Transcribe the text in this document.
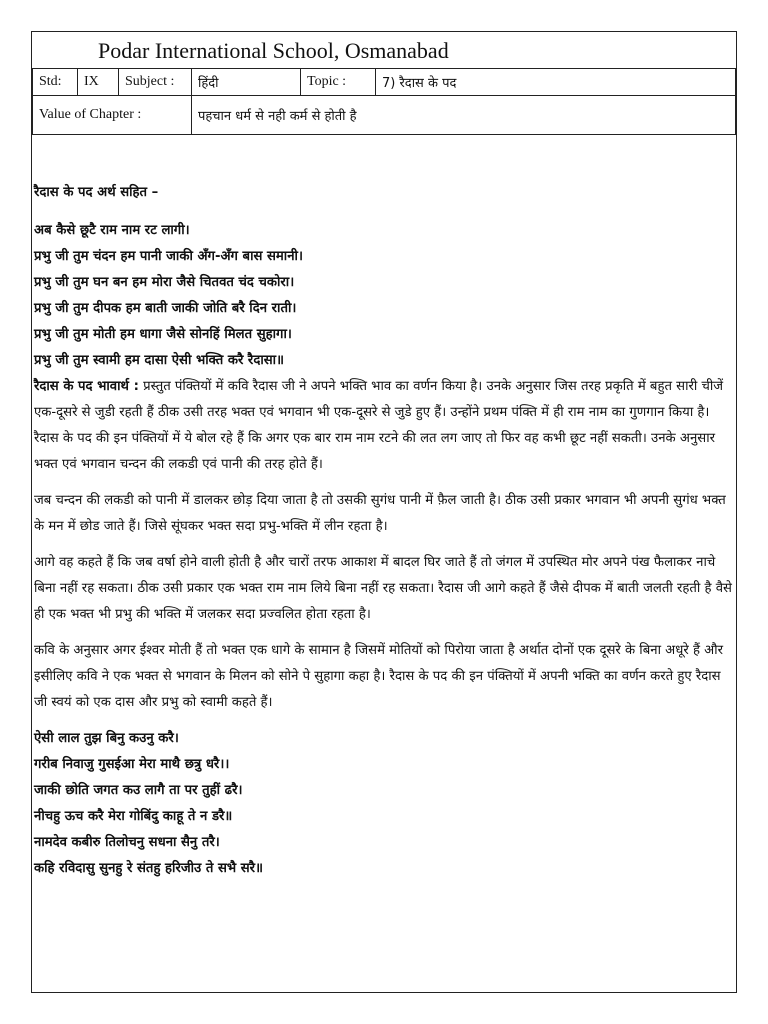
Podar International School, Osmanabad
Std:	IX	Subject :	हिंदी	Topic :	7) रैदास के पद
Value of Chapter :			पहचान धर्म से नही कर्म से होती है		

रैदास के पद अर्थ सहित –

अब कैसे छूटै राम नाम रट लागी।

प्रभु जी तुम चंदन हम पानी जाकी अँग-अँग बास समानी।

प्रभु जी तुम घन बन हम मोरा जैसे चितवत चंद चकोरा।

प्रभु जी तुम दीपक हम बाती जाकी जोति बरै दिन राती।

प्रभु जी तुम मोती हम धागा जैसे सोनहिं मिलत सुहागा।

प्रभु जी तुम स्वामी हम दासा ऐसी भक्ति करै रैदासा॥

रैदास के पद भावार्थ : प्रस्तुत पंक्तियों में कवि रैदास जी ने अपने भक्ति भाव का वर्णन किया है। उनके अनुसार जिस तरह प्रकृति में बहुत सारी चीजें एक-दूसरे से जुडी रहती हैं ठीक उसी तरह भक्त एवं भगवान भी एक-दूसरे से जुडे हुए हैं। उन्होंने प्रथम पंक्ति में ही राम नाम का गुणगान किया है। रैदास के पद की इन पंक्तियों में ये बोल रहे हैं कि अगर एक बार राम नाम रटने की लत लग जाए तो फिर वह कभी छूट नहीं सकती। उनके अनुसार भक्त एवं भगवान चन्दन की लकडी एवं पानी की तरह होते हैं।

जब चन्दन की लकडी को पानी में डालकर छोड़ दिया जाता है तो उसकी सुगंध पानी में फ़ैल जाती है। ठीक उसी प्रकार भगवान भी अपनी सुगंध भक्त के मन में छोड जाते हैं। जिसे सूंघकर भक्त सदा प्रभु-भक्ति में लीन रहता है।

आगे वह कहते हैं कि जब वर्षा होने वाली होती है और चारों तरफ आकाश में बादल घिर जाते हैं तो जंगल में उपस्थित मोर अपने पंख फैलाकर नाचे बिना नहीं रह सकता। ठीक उसी प्रकार एक भक्त राम नाम लिये बिना नहीं रह सकता। रैदास जी आगे कहते हैं जैसे दीपक में बाती जलती रहती है वैसे ही एक भक्त भी प्रभु की भक्ति में जलकर सदा प्रज्वलित होता रहता है।

कवि के अनुसार अगर ईश्वर मोती हैं तो भक्त एक धागे के सामान है जिसमें मोतियों को पिरोया जाता है अर्थात दोनों एक दूसरे के बिना अधूरे हैं और इसीलिए कवि ने एक भक्त से भगवान के मिलन को सोने पे सुहागा कहा है। रैदास के पद की इन पंक्तियों में अपनी भक्ति का वर्णन करते हुए रैदास जी स्वयं को एक दास और प्रभु को स्वामी कहते हैं।

ऐसी लाल तुझ बिनु कउनु करै।

गरीब निवाजु गुसईआ मेरा माथै छत्रु धरै।।

जाकी छोति जगत कउ लागै ता पर तुहीं ढरै।

नीचहु ऊच करै मेरा गोबिंदु काहू ते न डरै॥

नामदेव कबीरु तिलोचनु सधना सैनु तरै।

कहि रविदासु सुनहु रे संतहु हरिजीउ ते सभै सरै॥
